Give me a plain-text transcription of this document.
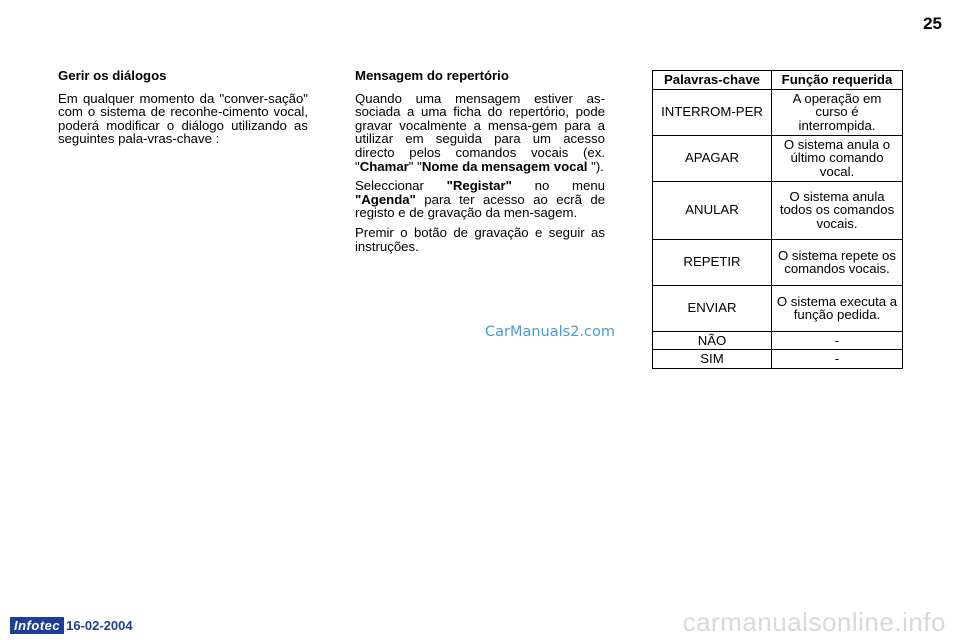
25
Gerir os diálogos

Em qualquer momento da "conver-sação" com o sistema de reconhe-cimento vocal, poderá modificar o diálogo utilizando as seguintes pala-vras-chave :

Mensagem do repertório

Quando uma mensagem estiver as-sociada a uma ficha do repertório, pode gravar vocalmente a mensa-gem para a utilizar em seguida para um acesso directo pelos comandos vocais (ex. "Chamar" "Nome da mensagem vocal ").

Seleccionar "Registar" no menu "Agenda" para ter acesso ao ecrã de registo e de gravação da men-sagem.

Premir o botão de gravação e seguir as instruções.

Palavras-chave	Função requerida
INTERROM-PER	A operação em curso é interrompida.
APAGAR	O sistema anula o último comando vocal.
ANULAR	O sistema anula todos os comandos vocais.
REPETIR	O sistema repete os comandos vocais.
ENVIAR	O sistema executa a função pedida.
NÃO	-
SIM	-
CarManuals2.com
Infotec 16-02-2004	carmanualsonline.info
